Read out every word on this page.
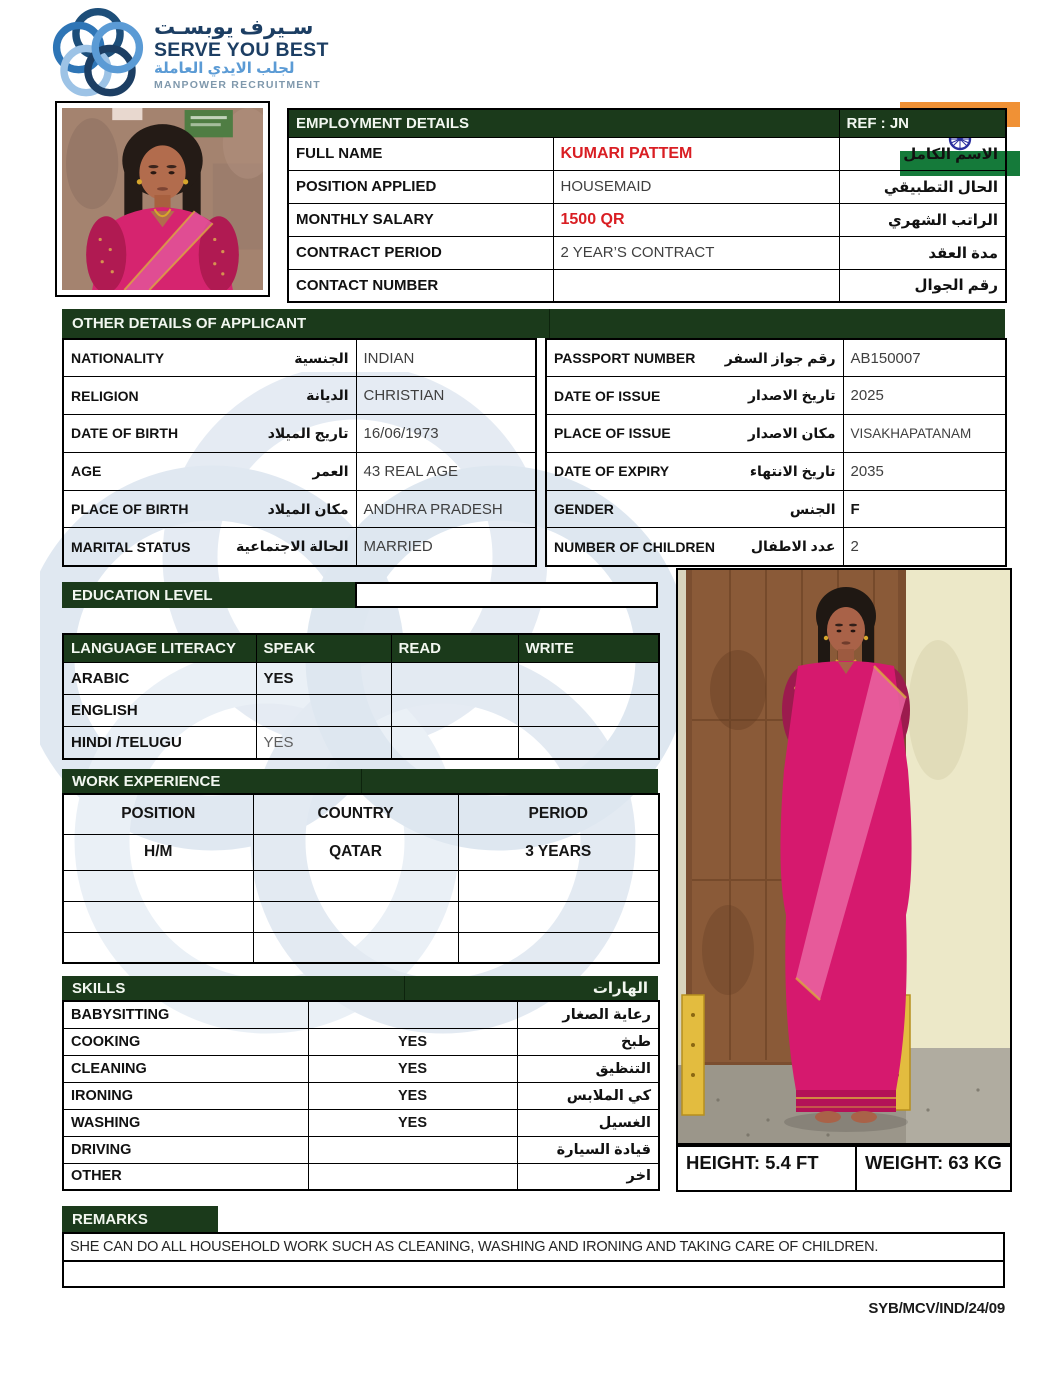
سـيرف يوبسـت
SERVE YOU BEST
لجلب الايدي العاملة
MANPOWER RECRUITMENT
EMPLOYMENT DETAILS		REF : JN
FULL NAME	KUMARI PATTEM	الاسم الكامل
POSITION APPLIED	HOUSEMAID	الحال التطبيقي
MONTHLY SALARY	1500 QR	الراتب الشهري
CONTRACT PERIOD	2 YEAR’S CONTRACT	مدة العقد
CONTACT NUMBER		رقم الجوال
OTHER DETAILS OF APPLICANT
NATIONALITY الجنسية	INDIAN

RELIGION الديانة	CHRISTIAN

DATE OF BIRTH تاريج الميلاد	16/06/1973

AGE العمر	43 REAL AGE

PLACE OF BIRTH مكان الميلاد	ANDHRA PRADESH

MARITAL STATUS الحالة الاجتماعية	MARRIED
PASSPORT NUMBER رقم جواز السفر	AB150007

DATE OF ISSUE تاريخ الاصدار	2025

PLACE OF ISSUE مكان الاصدار	VISAKHAPATANAM

DATE OF EXPIRY تاريخ الانتهاء	2035

GENDER الجنس	F

NUMBER OF CHILDREN عدد الاطفال	2
EDUCATION LEVEL
LANGUAGE LITERACY	SPEAK	READ	WRITE
ARABIC	YES		
ENGLISH			
HINDI /TELUGU	YES		
WORK EXPERIENCE
POSITION	COUNTRY	PERIOD
H/M	QATAR	3 YEARS

SKILLS	الهارات
BABYSITTING		رعاية الصغار
COOKING	YES	طبخ
CLEANING	YES	التنظيق
IRONING	YES	كي الملابس
WASHING	YES	الغسيل
DRIVING		قيادة السيارة
OTHER		اخر
HEIGHT: 5.4 FT	WEIGHT: 63 KG
REMARKS
SHE CAN DO ALL HOUSEHOLD WORK SUCH AS CLEANING, WASHING AND IRONING AND TAKING CARE OF CHILDREN.
SYB/MCV/IND/24/09
